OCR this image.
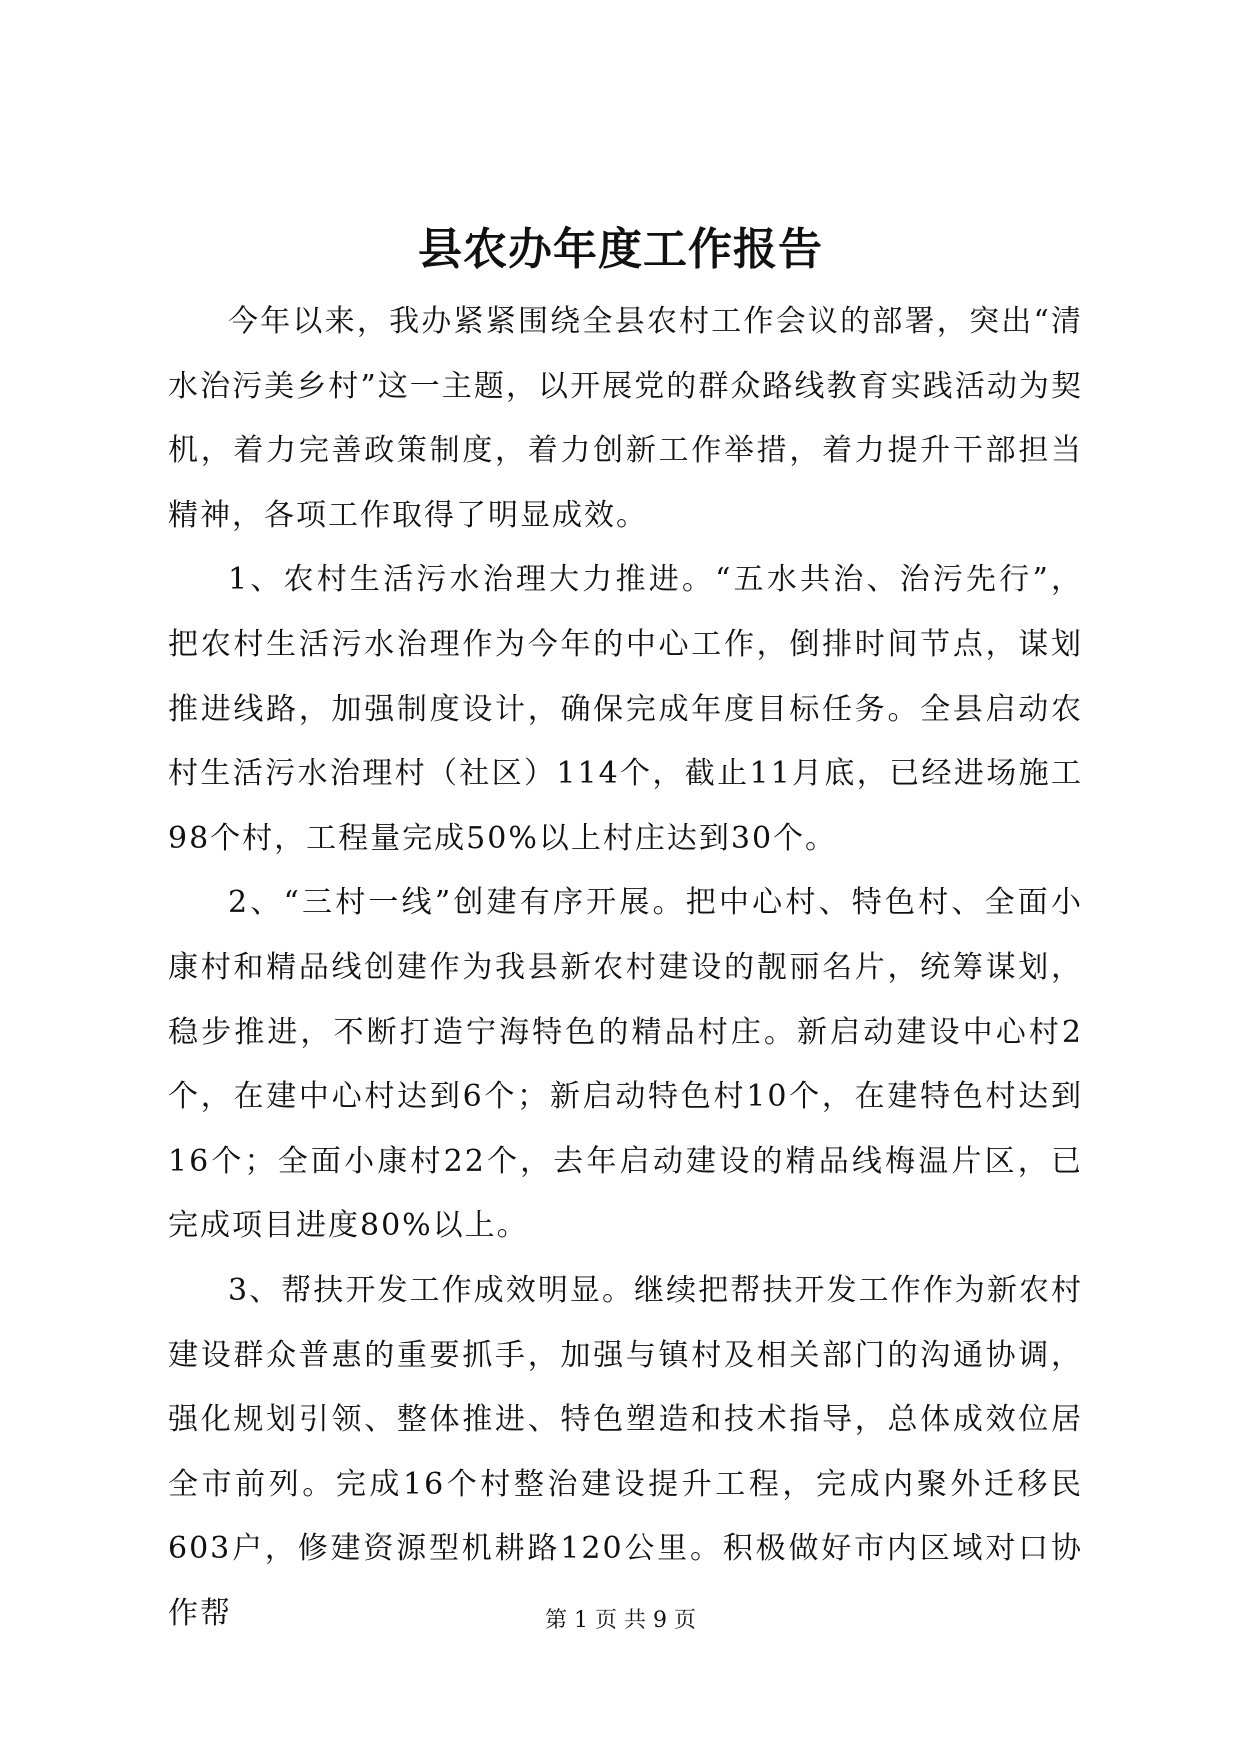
县农办年度工作报告

今年以来，我办紧紧围绕全县农村工作会议的部署，突出“清水治污美乡村”这一主题，以开展党的群众路线教育实践活动为契机，着力完善政策制度，着力创新工作举措，着力提升干部担当精神，各项工作取得了明显成效。

1、农村生活污水治理大力推进。“五水共治、治污先行”，把农村生活污水治理作为今年的中心工作，倒排时间节点，谋划推进线路，加强制度设计，确保完成年度目标任务。全县启动农村生活污水治理村（社区）114个，截止11月底，已经进场施工98个村，工程量完成50%以上村庄达到30个。

2、“三村一线”创建有序开展。把中心村、特色村、全面小康村和精品线创建作为我县新农村建设的靓丽名片，统筹谋划，稳步推进，不断打造宁海特色的精品村庄。新启动建设中心村2个，在建中心村达到6个；新启动特色村10个，在建特色村达到16个；全面小康村22个，去年启动建设的精品线梅温片区，已完成项目进度80%以上。

3、帮扶开发工作成效明显。继续把帮扶开发工作作为新农村建设群众普惠的重要抓手，加强与镇村及相关部门的沟通协调，强化规划引领、整体推进、特色塑造和技术指导，总体成效位居全市前列。完成16个村整治建设提升工程，完成内聚外迁移民603户，修建资源型机耕路120公里。积极做好市内区域对口协作帮	第 1 页 共 9 页
